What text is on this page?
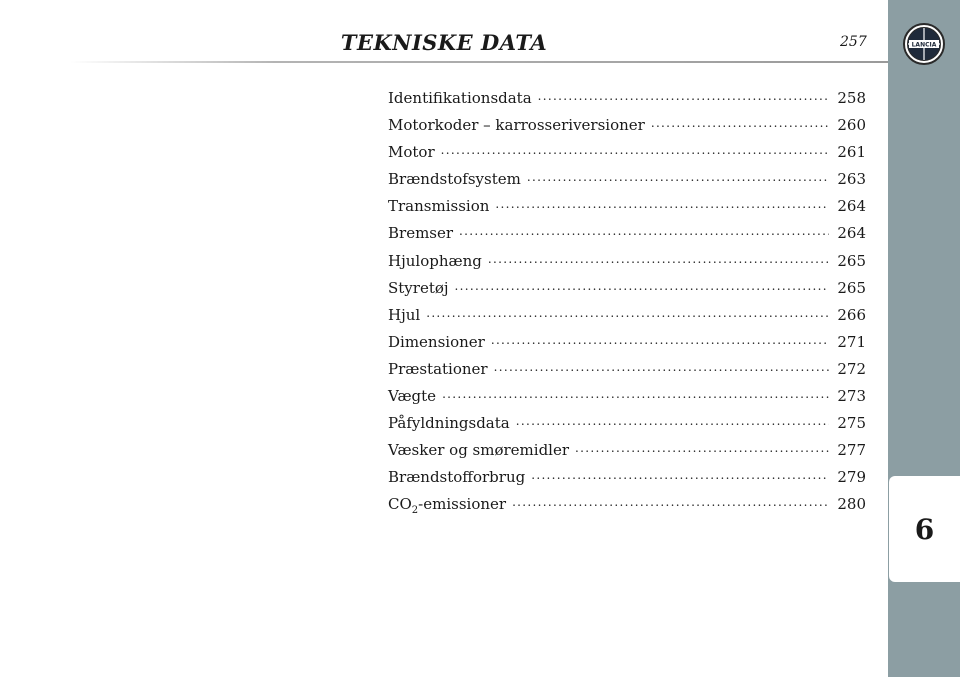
TEKNISKE DATA	257	LANCIA
6
Identifikationsdata .....	258
Motorkoder – karrosseriversioner .....	260
Motor .....	261
Brændstofsystem .....	263
Transmission .....	264
Bremser .....	264
Hjulophæng .....	265
Styretøj .....	265
Hjul .....	266
Dimensioner .....	271
Præstationer .....	272
Vægte .....	273
Påfyldningsdata .....	275
Væsker og smøremidler .....	277
Brændstofforbrug .....	279
$CO_2$-emissioner .....	280
